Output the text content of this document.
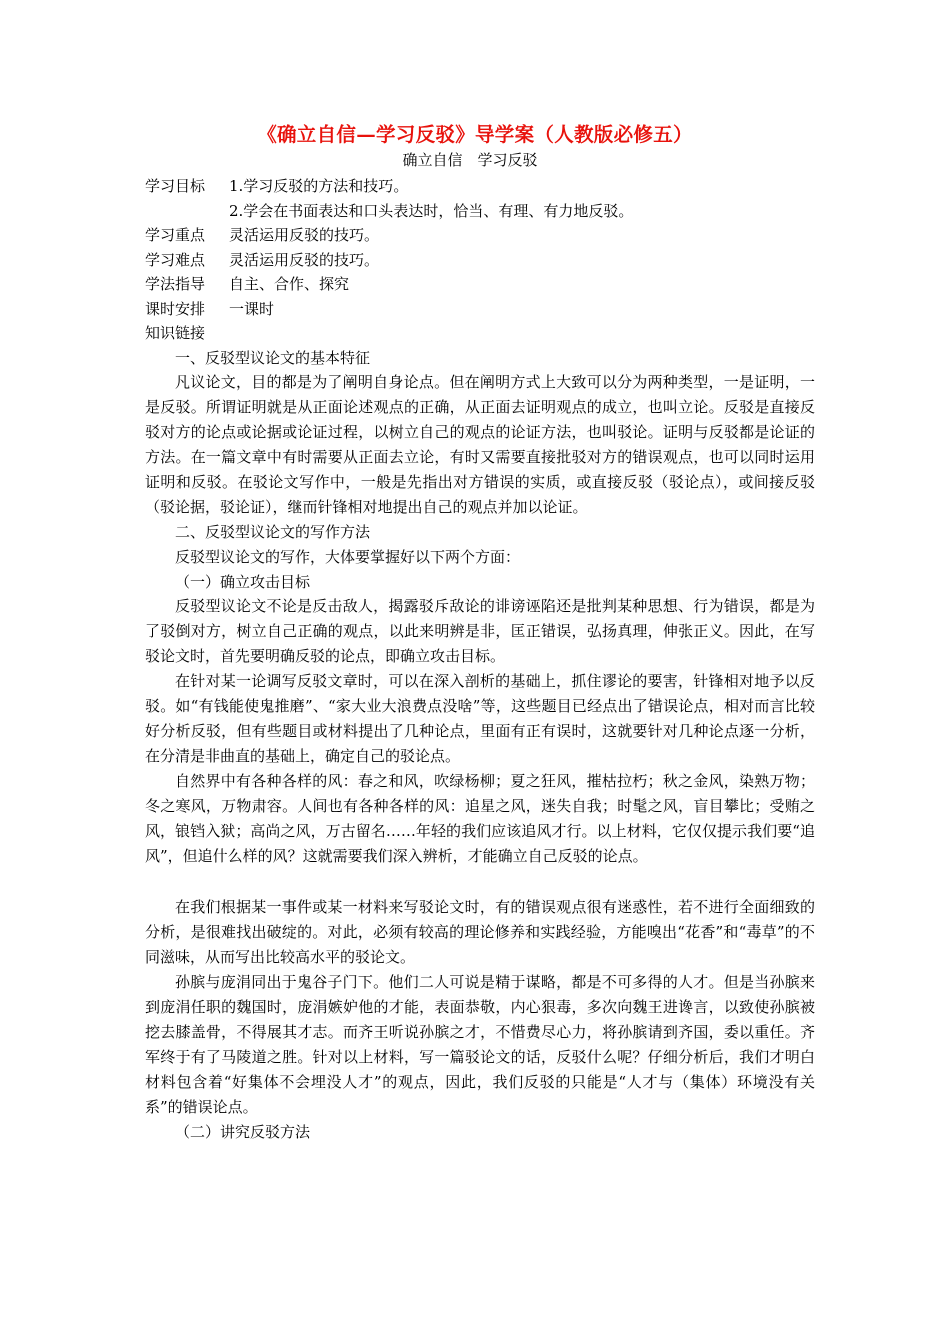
《确立自信—学习反驳》导学案（人教版必修五）
确立自信　学习反驳
学习目标 1.学习反驳的方法和技巧。
2.学会在书面表达和口头表达时，恰当、有理、有力地反驳。
学习重点 灵活运用反驳的技巧。
学习难点 灵活运用反驳的技巧。
学法指导 自主、合作、探究
课时安排 一课时
知识链接
一、反驳型议论文的基本特征

凡议论文，目的都是为了阐明自身论点。但在阐明方式上大致可以分为两种类型，一是证明，一是反驳。所谓证明就是从正面论述观点的正确，从正面去证明观点的成立，也叫立论。反驳是直接反驳对方的论点或论据或论证过程，以树立自己的观点的论证方法，也叫驳论。证明与反驳都是论证的方法。在一篇文章中有时需要从正面去立论，有时又需要直接批驳对方的错误观点，也可以同时运用证明和反驳。在驳论文写作中，一般是先指出对方错误的实质，或直接反驳（驳论点），或间接反驳（驳论据，驳论证），继而针锋相对地提出自己的观点并加以论证。

二、反驳型议论文的写作方法

反驳型议论文的写作，大体要掌握好以下两个方面：

（一）确立攻击目标

反驳型议论文不论是反击敌人，揭露驳斥敌论的诽谤诬陷还是批判某种思想、行为错误，都是为了驳倒对方，树立自己正确的观点，以此来明辨是非，匡正错误，弘扬真理，伸张正义。因此，在写驳论文时，首先要明确反驳的论点，即确立攻击目标。

在针对某一论调写反驳文章时，可以在深入剖析的基础上，抓住谬论的要害，针锋相对地予以反驳。如“有钱能使鬼推磨”、“家大业大浪费点没啥”等，这些题目已经点出了错误论点，相对而言比较好分析反驳，但有些题目或材料提出了几种论点，里面有正有误时，这就要针对几种论点逐一分析，在分清是非曲直的基础上，确定自己的驳论点。

自然界中有各种各样的风：春之和风，吹绿杨柳；夏之狂风，摧枯拉朽；秋之金风，染熟万物；冬之寒风，万物肃容。人间也有各种各样的风：追星之风，迷失自我；时髦之风，盲目攀比；受贿之风，锒铛入狱；高尚之风，万古留名……年轻的我们应该追风才行。以上材料，它仅仅提示我们要“追风”，但追什么样的风？这就需要我们深入辨析，才能确立自己反驳的论点。

在我们根据某一事件或某一材料来写驳论文时，有的错误观点很有迷惑性，若不进行全面细致的分析，是很难找出破绽的。对此，必须有较高的理论修养和实践经验，方能嗅出“花香”和“毒草”的不同滋味，从而写出比较高水平的驳论文。

孙膑与庞涓同出于鬼谷子门下。他们二人可说是精于谋略，都是不可多得的人才。但是当孙膑来到庞涓任职的魏国时，庞涓嫉妒他的才能，表面恭敬，内心狠毒，多次向魏王进谗言，以致使孙膑被挖去膝盖骨，不得展其才志。而齐王听说孙膑之才，不惜费尽心力，将孙膑请到齐国，委以重任。齐军终于有了马陵道之胜。针对以上材料，写一篇驳论文的话，反驳什么呢？仔细分析后，我们才明白材料包含着“好集体不会埋没人才”的观点，因此，我们反驳的只能是“人才与（集体）环境没有关系”的错误论点。

（二）讲究反驳方法
